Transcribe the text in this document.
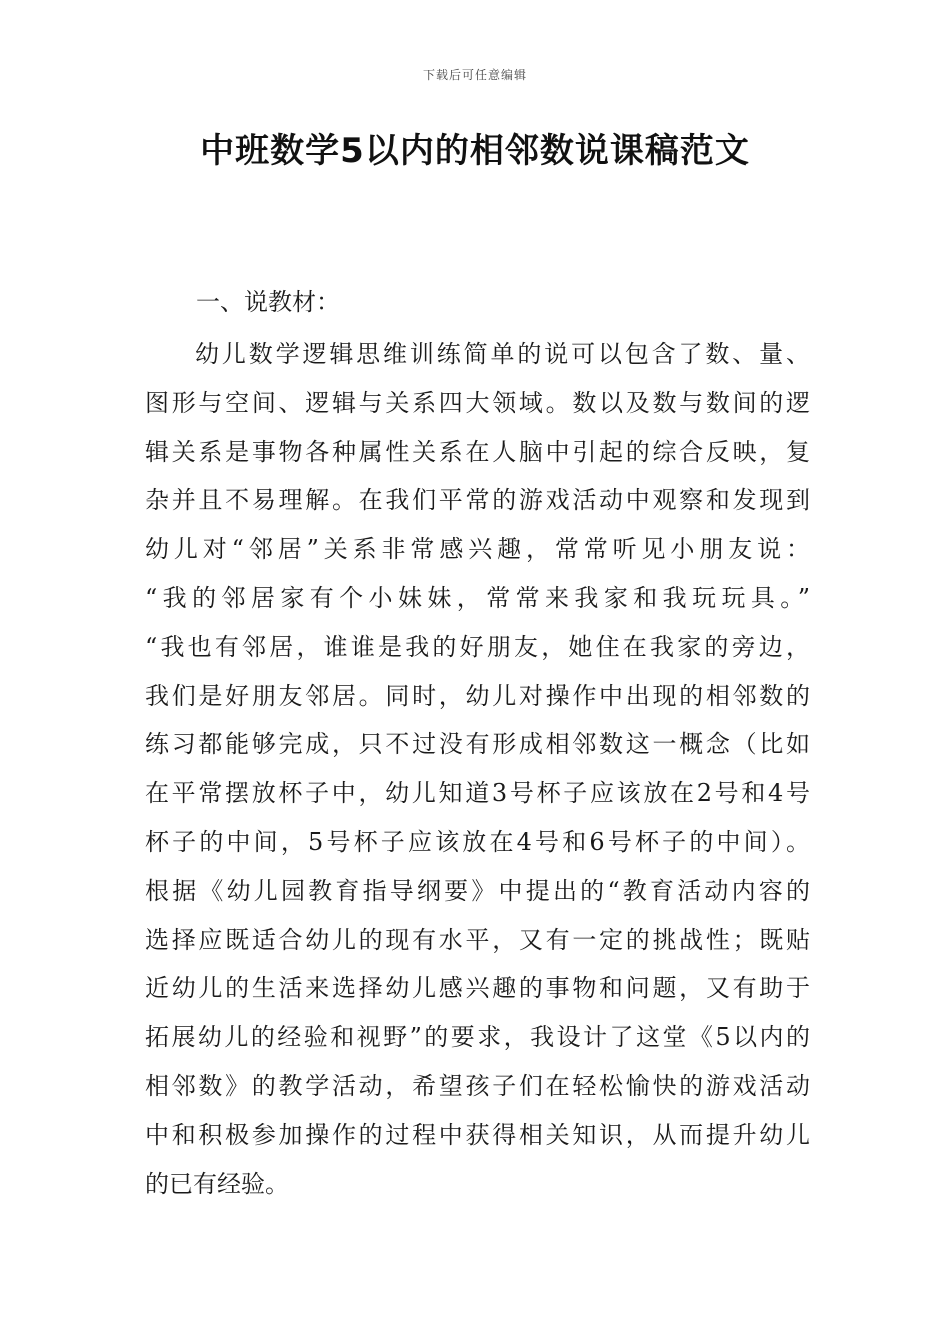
下载后可任意编辑
中班数学5以内的相邻数说课稿范文
一、说教材：
幼儿数学逻辑思维训练简单的说可以包含了数、量、
图形与空间、逻辑与关系四大领域。数以及数与数间的逻
辑关系是事物各种属性关系在人脑中引起的综合反映，复
杂并且不易理解。在我们平常的游戏活动中观察和发现到
幼儿对“邻居”关系非常感兴趣，常常听见小朋友说：
“我的邻居家有个小妹妹，常常来我家和我玩玩具。”
“我也有邻居，谁谁是我的好朋友，她住在我家的旁边，
我们是好朋友邻居。同时，幼儿对操作中出现的相邻数的
练习都能够完成，只不过没有形成相邻数这一概念（比如
在平常摆放杯子中，幼儿知道3号杯子应该放在2号和4号
杯子的中间，5号杯子应该放在4号和6号杯子的中间）。
根据《幼儿园教育指导纲要》中提出的“教育活动内容的
选择应既适合幼儿的现有水平，又有一定的挑战性；既贴
近幼儿的生活来选择幼儿感兴趣的事物和问题，又有助于
拓展幼儿的经验和视野”的要求，我设计了这堂《5以内的
相邻数》的教学活动，希望孩子们在轻松愉快的游戏活动
中和积极参加操作的过程中获得相关知识，从而提升幼儿
的已有经验。
